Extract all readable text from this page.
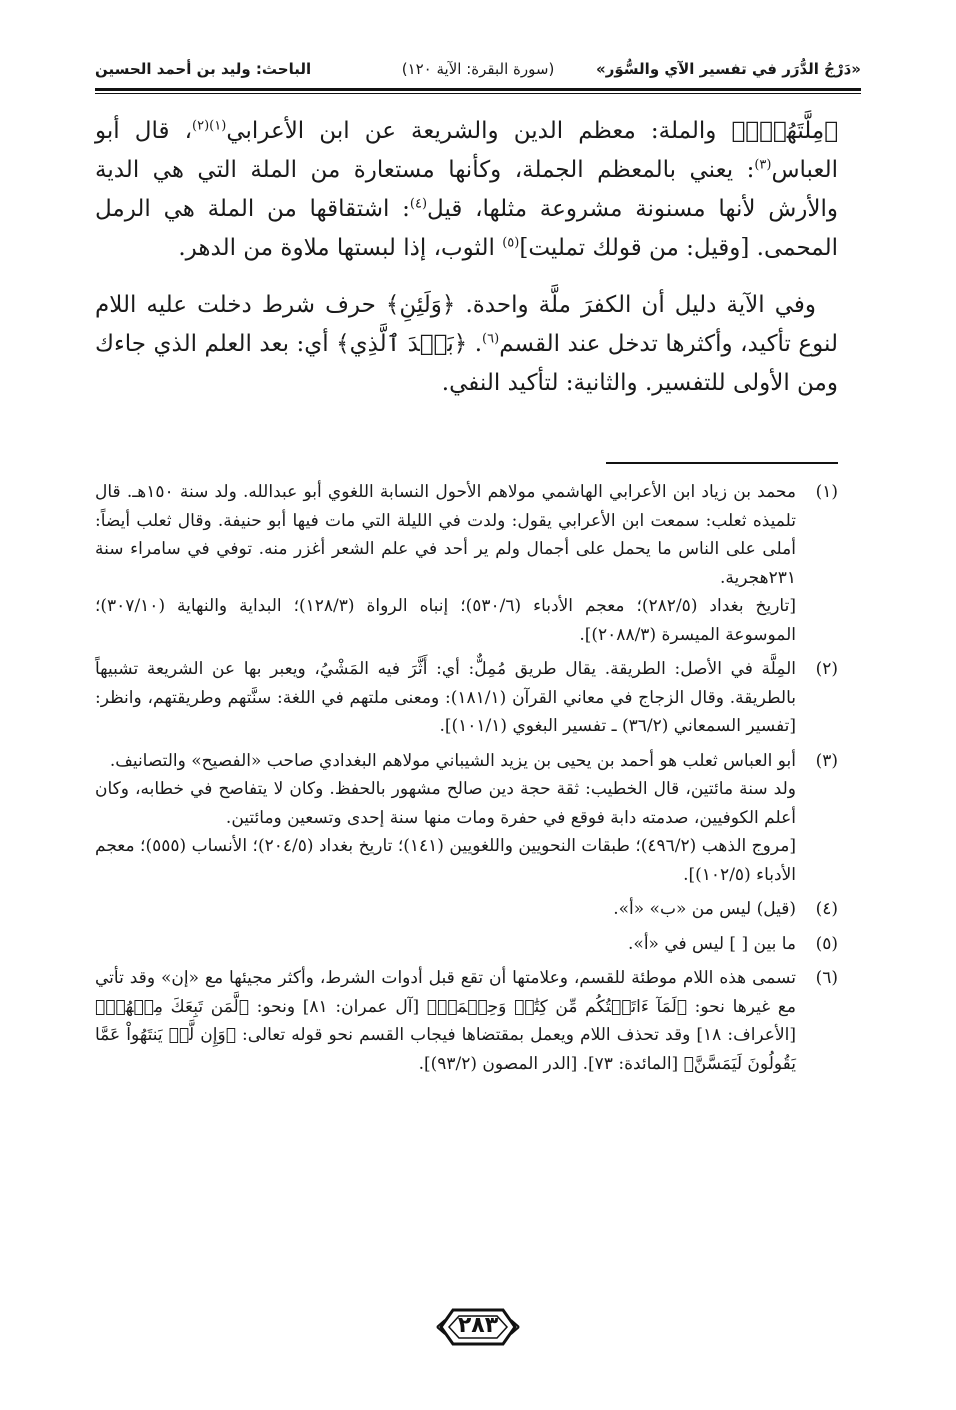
«دَرْجُ الدُّرَر في تفسير الآي والسُّوَر»
(سورة البقرة: الآية ١٢٠)
الباحث: وليد بن أحمد الحسين

﴿مِلَّتَهُمۡۗ﴾ والملة: معظم الدين والشريعة عن ابن الأعرابي$^{(١)(٢)}$، قال أبو العباس$^{(٣)}$: يعني بالمعظم الجملة، وكأنها مستعارة من الملة التي هي الدية والأرش لأنها مسنونة مشروعة مثلها، قيل$^{(٤)}$: اشتقاقها من الملة هي الرمل المحمى. [وقيل: من قولك تمليت]$^{(٥)}$ الثوب، إذا لبستها ملاوة من الدهر.

وفي الآية دليل أن الكفرَ ملَّة واحدة. ﴿وَلَئِنِ﴾ حرف شرط دخلت عليه اللام لنوع تأكيد، وأكثرها تدخل عند القسم$^{(٦)}$. ﴿بَعۡدَ ٱلَّذِي﴾ أي: بعد العلم الذي جاءك ومن الأولى للتفسير. والثانية: لتأكيد النفي.

(١)

محمد بن زياد ابن الأعرابي الهاشمي مولاهم الأحول النسابة اللغوي أبو عبدالله. ولد سنة ١٥٠هـ. قال تلميذه ثعلب: سمعت ابن الأعرابي يقول: ولدت في الليلة التي مات فيها أبو حنيفة. وقال ثعلب أيضاً: أملى على الناس ما يحمل على أجمال ولم ير أحد في علم الشعر أغزر منه. توفي في سامراء سنة ٢٣١هجرية.

[تاريخ بغداد (٢٨٢/٥)؛ معجم الأدباء (٥٣٠/٦)؛ إنباه الرواة (١٢٨/٣)؛ البداية والنهاية (٣٠٧/١٠)؛ الموسوعة الميسرة (٢٠٨٨/٣)].

(٢)

المِلَّة في الأصل: الطريقة. يقال طريق مُمِلٌّ: أي: أَثَّرَ فيه المَشْيُ، ويعبر بها عن الشريعة تشبيهاً بالطريقة. وقال الزجاج في معاني القرآن (١٨١/١): ومعنى ملتهم في اللغة: سنَّتهم وطريقتهم، وانظر: [تفسير السمعاني (٣٦/٢) ـ تفسير البغوي (١٠١/١)].

(٣)

أبو العباس ثعلب هو أحمد بن يحيى بن يزيد الشيباني مولاهم البغدادي صاحب «الفصيح» والتصانيف.

ولد سنة مائتين، قال الخطيب: ثقة حجة دين صالح مشهور بالحفظ. وكان لا يتفاصح في خطابه، وكان أعلم الكوفيين، صدمته دابة فوقع في حفرة ومات منها سنة إحدى وتسعين ومائتين.

[مروج الذهب (٤٩٦/٢)؛ طبقات النحويين واللغويين (١٤١)؛ تاريخ بغداد (٢٠٤/٥)؛ الأنساب (٥٥٥)؛ معجم الأدباء (١٠٢/٥)].

(٤)

(قيل) ليس من «ب» «أ».

(٥)

ما بين [ ] ليس في «أ».

(٦)

تسمى هذه اللام موطئة للقسم، وعلامتها أن تقع قبل أدوات الشرط، وأكثر مجيئها مع «إن» وقد تأتي مع غيرها نحو: ﴿لَمَآ ءَاتَيۡتُكُم مِّن كِتَٰبٖ وَحِكۡمَةٖ﴾ [آل عمران: ٨١] ونحو: ﴿لَّمَن تَبِعَكَ مِنۡهُمۡ﴾ [الأعراف: ١٨] وقد تحذف اللام ويعمل بمقتضاها فيجاب القسم نحو قوله تعالى: ﴿وَإِن لَّمۡ يَنتَهُواْ عَمَّا يَقُولُونَ لَيَمَسَّنَّ﴾ [المائدة: ٧٣]. [الدر المصون (٩٣/٢)].

٢٨٣
